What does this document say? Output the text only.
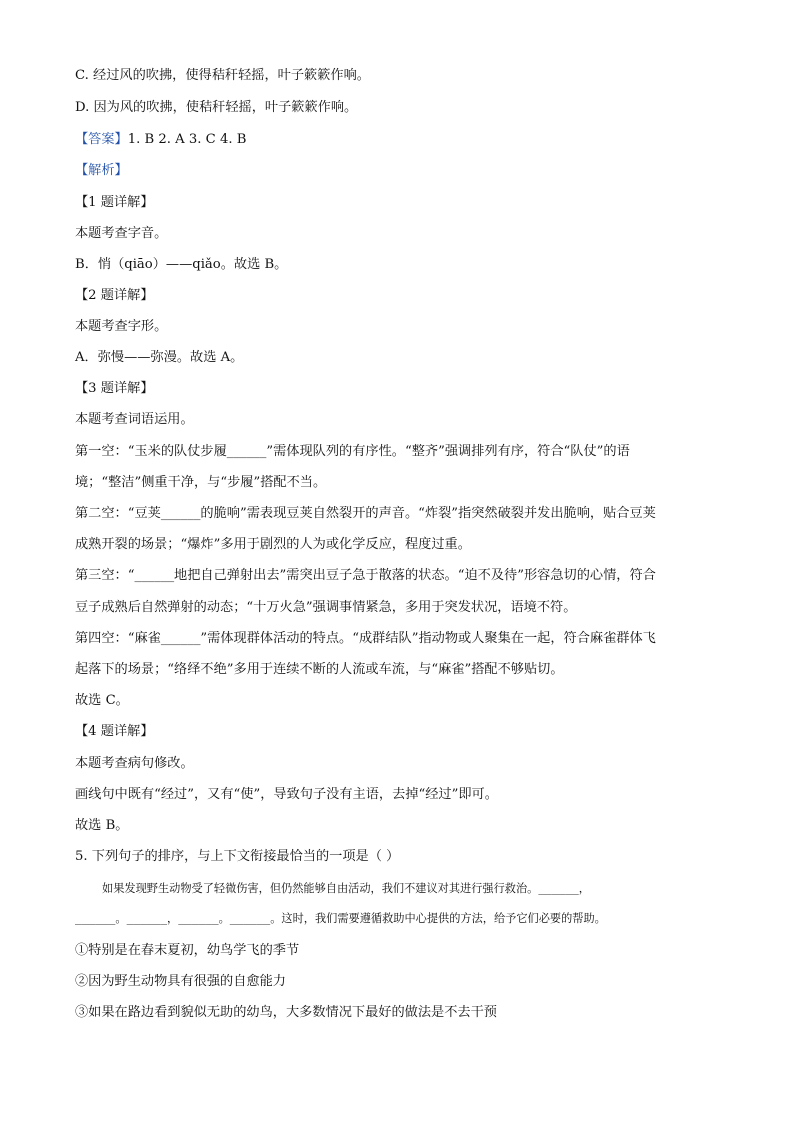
C. 经过风的吹拂，使得秸秆轻摇，叶子簌簌作响。
D. 因为风的吹拂，使秸秆轻摇，叶子簌簌作响。
【答案】1. B 2. A 3. C 4. B
【解析】
【1 题详解】
本题考查字音。
B．悄（qiāo）——qiǎo。故选 B。
【2 题详解】
本题考查字形。
A．弥慢——弥漫。故选 A。
【3 题详解】
本题考查词语运用。
第一空：“玉米的队仗步履______”需体现队列的有序性。“整齐”强调排列有序，符合“队仗”的语
境；“整洁”侧重干净，与“步履”搭配不当。
第二空：“豆荚______的脆响”需表现豆荚自然裂开的声音。“炸裂”指突然破裂并发出脆响，贴合豆荚
成熟开裂的场景；“爆炸”多用于剧烈的人为或化学反应，程度过重。
第三空：“______地把自己弹射出去”需突出豆子急于散落的状态。“迫不及待”形容急切的心情，符合
豆子成熟后自然弹射的动态；“十万火急”强调事情紧急，多用于突发状况，语境不符。
第四空：“麻雀______”需体现群体活动的特点。“成群结队”指动物或人聚集在一起，符合麻雀群体飞
起落下的场景；“络绎不绝”多用于连续不断的人流或车流，与“麻雀”搭配不够贴切。
故选 C。
【4 题详解】
本题考查病句修改。
画线句中既有“经过”，又有“使”，导致句子没有主语，去掉“经过”即可。
故选 B。
5. 下列句子的排序，与上下文衔接最恰当的一项是（ ）
如果发现野生动物受了轻微伤害，但仍然能够自由活动，我们不建议对其进行强行救治。______，
______。______，______。______。这时，我们需要遵循救助中心提供的方法，给予它们必要的帮助。
①特别是在春末夏初，幼鸟学飞的季节
②因为野生动物具有很强的自愈能力
③如果在路边看到貌似无助的幼鸟，大多数情况下最好的做法是不去干预
